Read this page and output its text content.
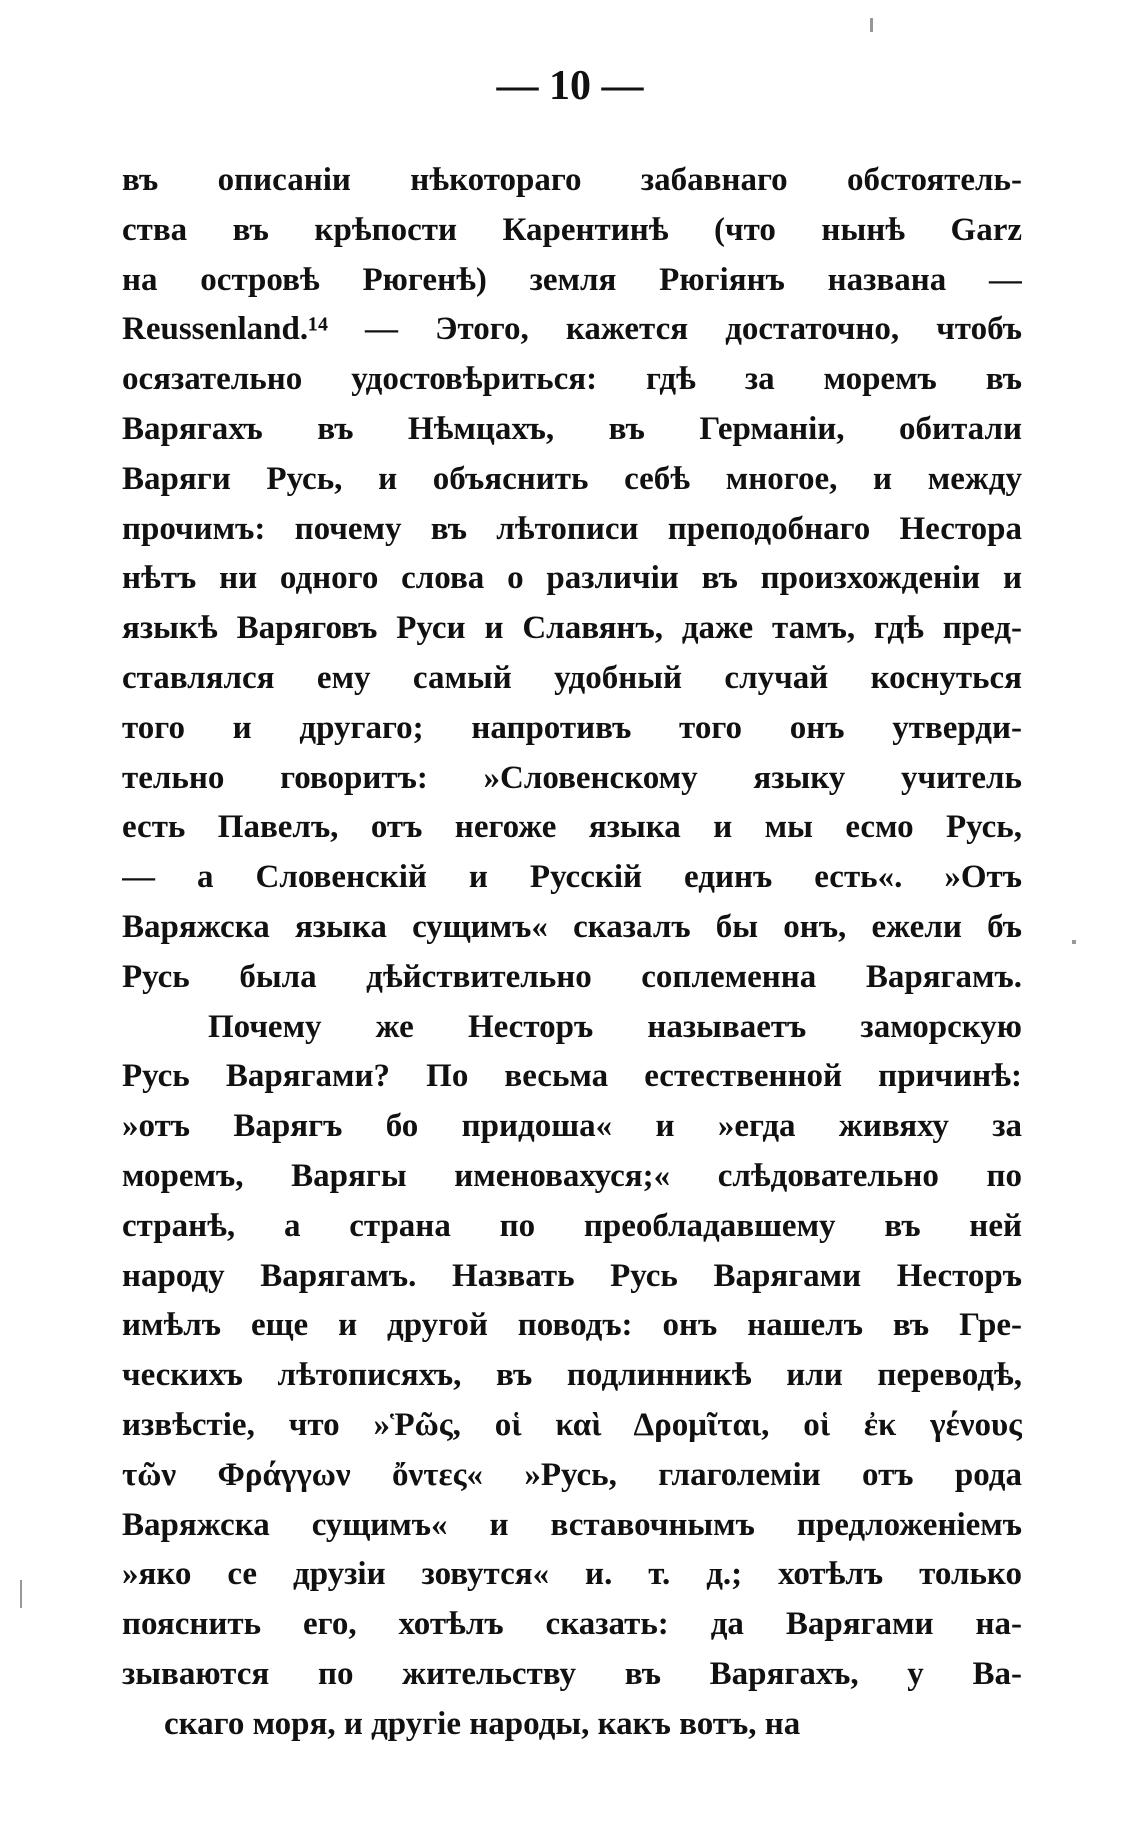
— 10 —
въ описаніи нѣкотораго забавнаго обстоятель-
ства въ крѣпости Карентинѣ (что нынѣ Garz
на островѣ Рюгенѣ) земля Рюгіянъ названа —
Reussenland.¹⁴ — Этого, кажется достаточно, чтобъ
осязательно удостовѣриться: гдѣ за моремъ въ
Варягахъ въ Нѣмцахъ, въ Германіи, обитали
Варяги Русь, и объяснить себѣ многое, и между
прочимъ: почему въ лѣтописи преподобнаго Нестора
нѣтъ ни одного слова о различіи въ произхожденіи и
языкѣ Варяговъ Руси и Славянъ, даже тамъ, гдѣ пред-
ставлялся ему самый удобный случай коснуться
того и другаго; напротивъ того онъ утверди-
тельно говоритъ: »Словенскому языку учитель
есть Павелъ, отъ негоже языка и мы есмо Русь,
— а Словенскій и Русскій единъ есть«. »Отъ
Варяжска языка сущимъ« сказалъ бы онъ, ежели бъ
Русь была дѣйствительно соплеменна Варягамъ.
Почему же Несторъ называетъ заморскую
Русь Варягами? По весьма естественной причинѣ:
»отъ Варягъ бо придоша« и »егда живяху за
моремъ, Варягы именовахуся;« слѣдовательно по
странѣ, а страна по преобладавшему въ ней
народу Варягамъ. Назвать Русь Варягами Несторъ
имѣлъ еще и другой поводъ: онъ нашелъ въ Гре-
ческихъ лѣтописяхъ, въ подлинникѣ или переводѣ,
извѣстіе, что »Ῥῶς, οἱ καὶ Δρομῖται, οἱ ἐκ γένους
τῶν Φράγγων ὄντες« »Русь, глаголеміи отъ рода
Варяжска сущимъ« и вставочнымъ предложеніемъ
»яко се друзіи зовутся« и. т. д.; хотѣлъ только
пояснить его, хотѣлъ сказать: да Варягами на-
зываются по жительству въ Варягахъ, у Ва-
скаго моря, и другіе народы, какъ вотъ, на
